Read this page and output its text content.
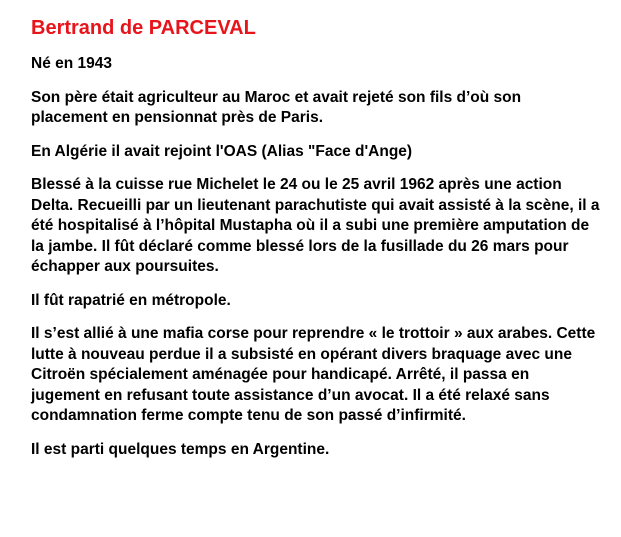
Bertrand de PARCEVAL
Né en 1943
Son père était agriculteur au Maroc et avait rejeté son fils d’où son placement en pensionnat près de Paris.
En Algérie il avait rejoint l'OAS (Alias "Face d'Ange)
Blessé à la cuisse rue Michelet le 24 ou le 25 avril 1962 après une action Delta. Recueilli par un lieutenant parachutiste qui avait assisté à la scène, il a été hospitalisé à l’hôpital Mustapha où il a subi une première amputation de la jambe. Il fût déclaré comme blessé lors de la fusillade du 26 mars pour échapper aux poursuites.
Il fût rapatrié en métropole.
Il s’est allié à une mafia corse pour reprendre « le trottoir » aux arabes. Cette lutte à nouveau perdue il a subsisté en opérant divers braquage avec une Citroën spécialement aménagée pour handicapé. Arrêté, il passa en jugement en refusant toute assistance d’un avocat. Il a été relaxé sans condamnation ferme compte tenu de son passé d’infirmité.
Il est parti quelques temps en Argentine.
